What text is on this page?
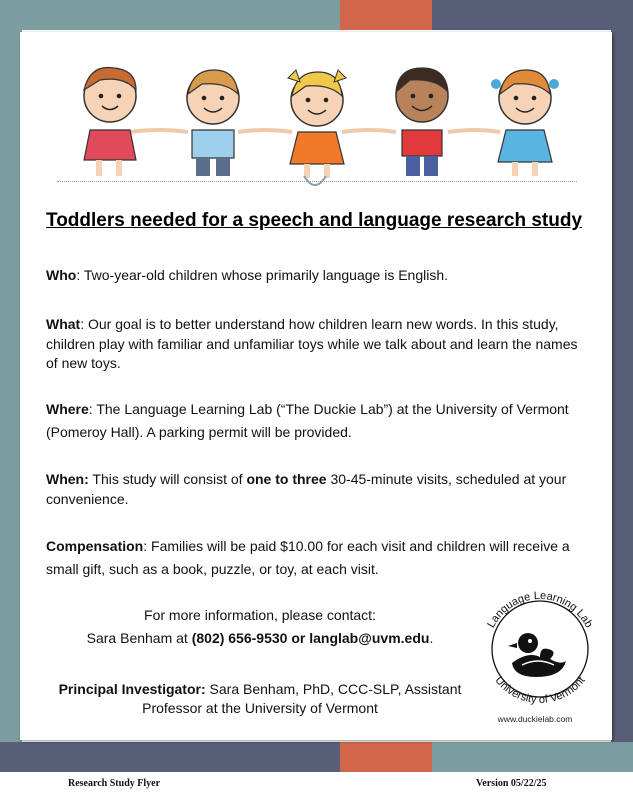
Toddlers needed for a speech and language research study
Who: Two-year-old children whose primarily language is English.
What: Our goal is to better understand how children learn new words. In this study, children play with familiar and unfamiliar toys while we talk about and learn the names of new toys.
Where: The Language Learning Lab (“The Duckie Lab”) at the University of Vermont (Pomeroy Hall). A parking permit will be provided.
When: This study will consist of one to three 30-45-minute visits, scheduled at your convenience.
Compensation: Families will be paid $10.00 for each visit and children will receive a small gift, such as a book, puzzle, or toy, at each visit.
For more information, please contact:
Sara Benham at (802) 656-9530 or langlab@uvm.edu.
Principal Investigator: Sara Benham, PhD, CCC-SLP, Assistant Professor at the University of Vermont
Language Learning Lab
University of Vermont
www.duckielab.com
Research Study Flyer	Version 05/22/25
